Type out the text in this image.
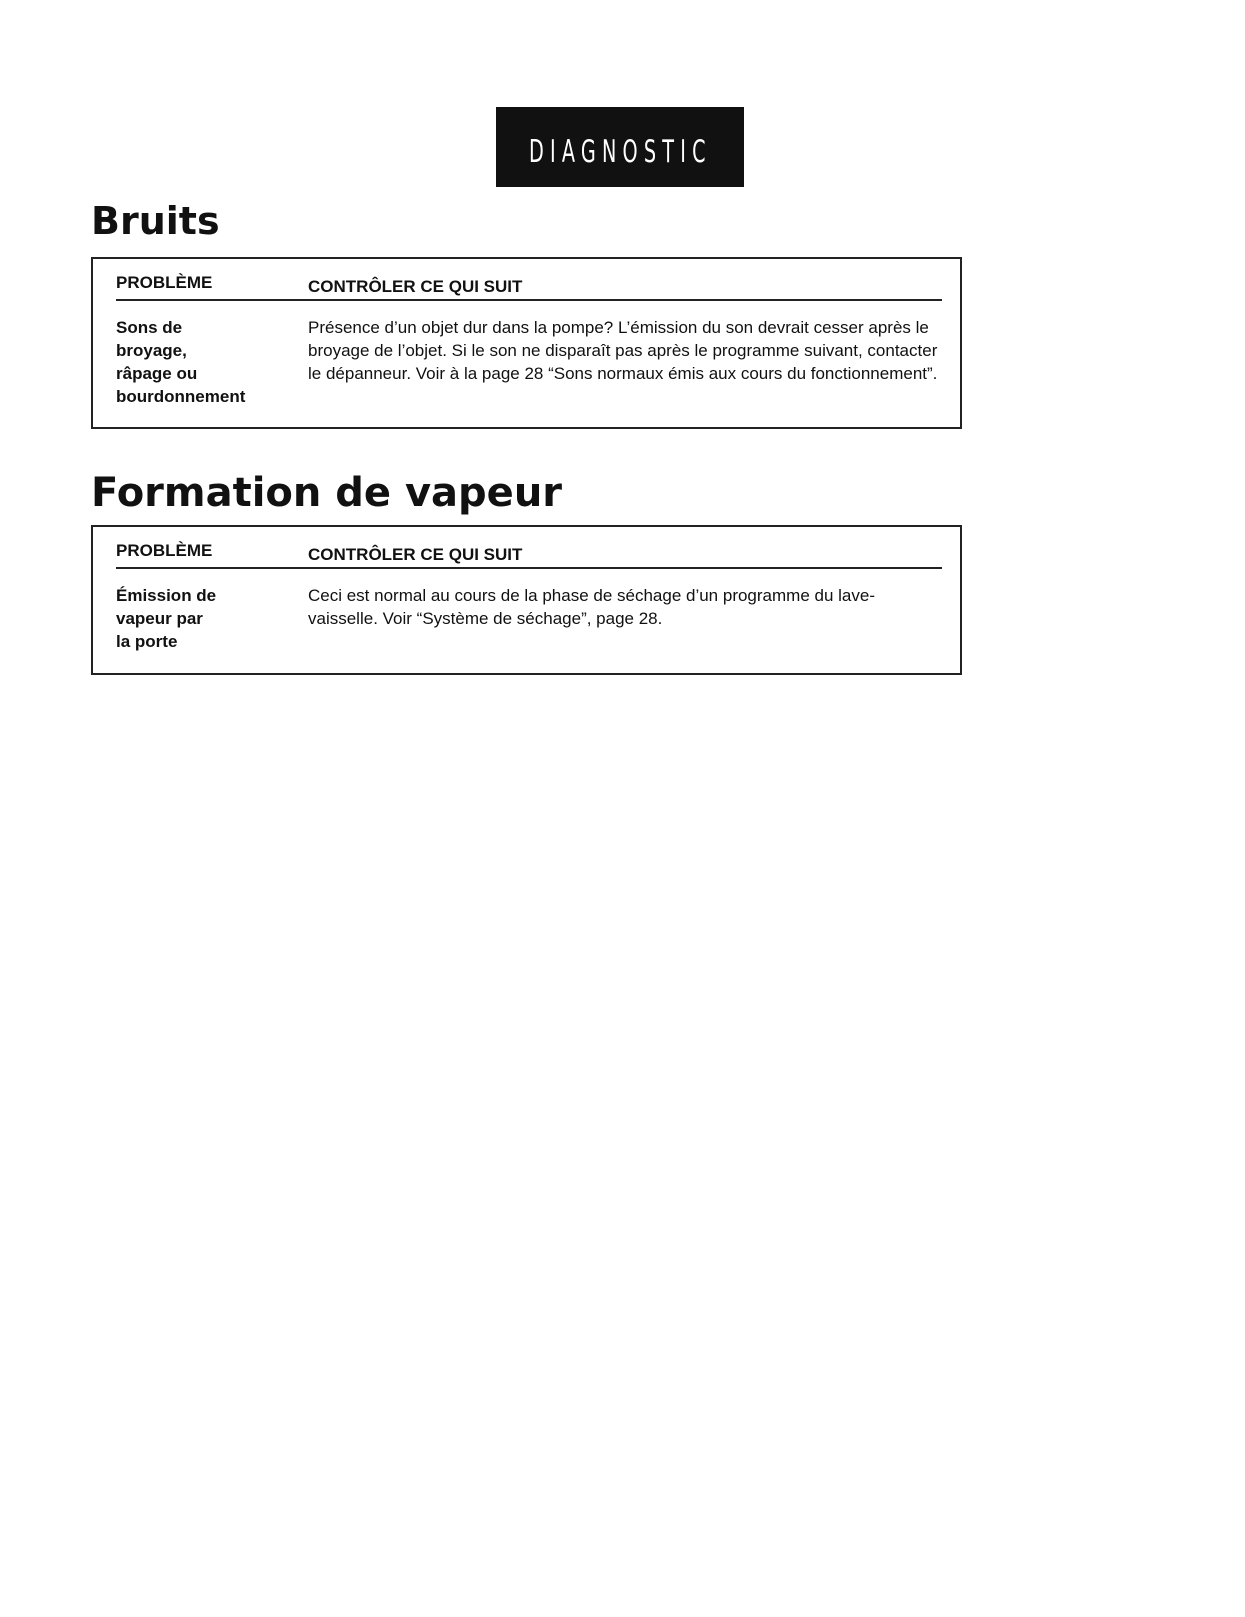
diagnostic
Bruits
PROBLÈME	CONTRÔLER CE QUI SUIT
Sons de
broyage,
râpage ou
bourdonnement
Présence d’un objet dur dans la pompe? L’émission du son devrait cesser après le broyage de l’objet. Si le son ne disparaît pas après le programme suivant, contacter le dépanneur. Voir à la page 28 “Sons normaux émis aux cours du fonctionnement”.
Formation de vapeur
PROBLÈME	CONTRÔLER CE QUI SUIT
Émission de
vapeur par
la porte
Ceci est normal au cours de la phase de séchage d’un programme du lave-vaisselle. Voir “Système de séchage”, page 28.
